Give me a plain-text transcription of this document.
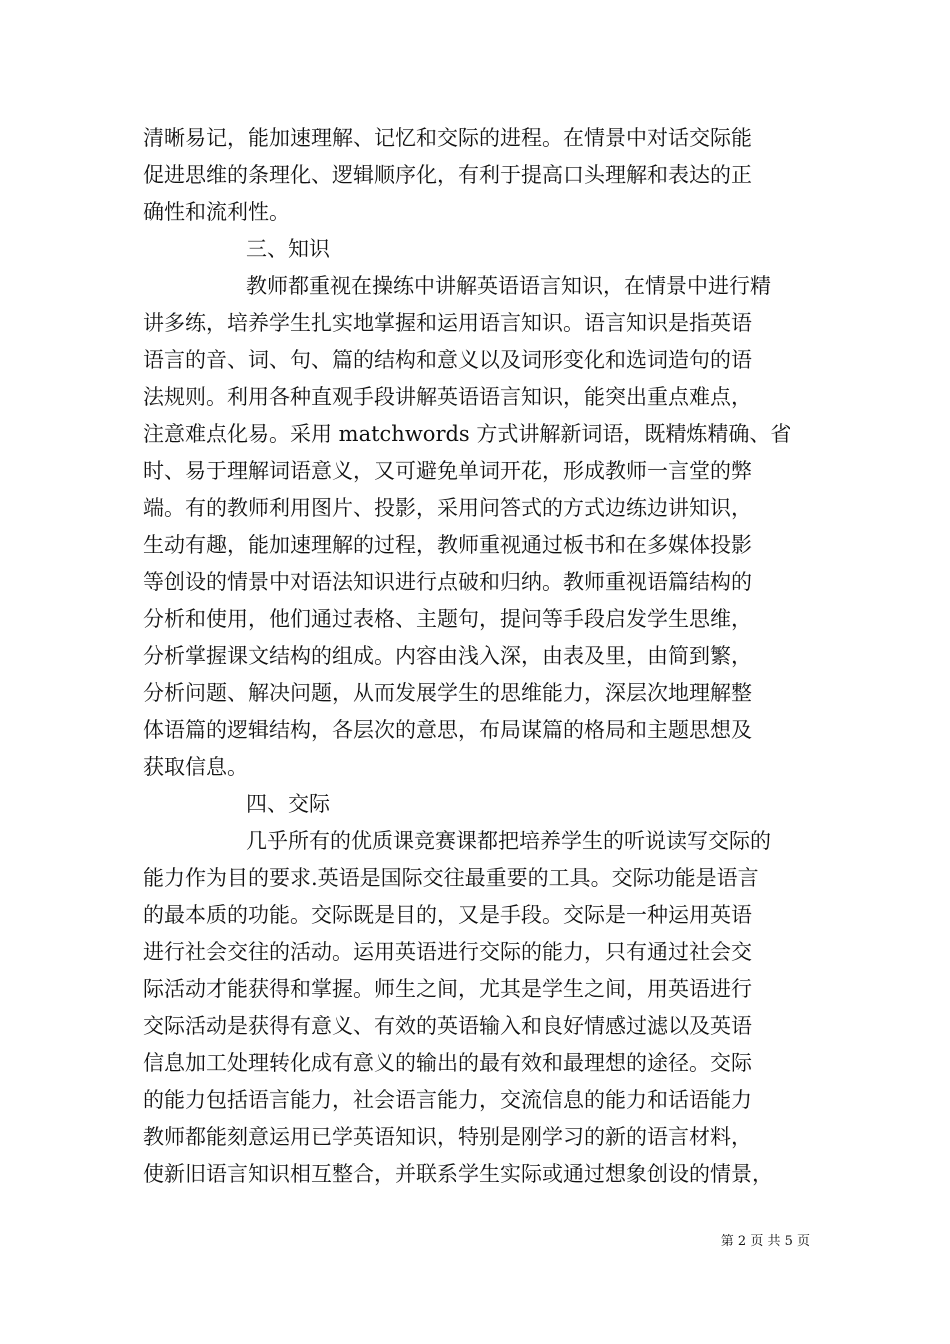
清晰易记，能加速理解、记忆和交际的进程。在情景中对话交际能
促进思维的条理化、逻辑顺序化，有利于提高口头理解和表达的正
确性和流利性。
三、知识
教师都重视在操练中讲解英语语言知识，在情景中进行精
讲多练，培养学生扎实地掌握和运用语言知识。语言知识是指英语
语言的音、词、句、篇的结构和意义以及词形变化和选词造句的语
法规则。利用各种直观手段讲解英语语言知识，能突出重点难点，
注意难点化易。采用 matchwords 方式讲解新词语，既精炼精确、省
时、易于理解词语意义，又可避免单词开花，形成教师一言堂的弊
端。有的教师利用图片、投影，采用问答式的方式边练边讲知识，
生动有趣，能加速理解的过程，教师重视通过板书和在多媒体投影
等创设的情景中对语法知识进行点破和归纳。教师重视语篇结构的
分析和使用，他们通过表格、主题句，提问等手段启发学生思维，
分析掌握课文结构的组成。内容由浅入深，由表及里，由简到繁，
分析问题、解决问题，从而发展学生的思维能力，深层次地理解整
体语篇的逻辑结构，各层次的意思，布局谋篇的格局和主题思想及
获取信息。
四、交际
几乎所有的优质课竞赛课都把培养学生的听说读写交际的
能力作为目的要求.英语是国际交往最重要的工具。交际功能是语言
的最本质的功能。交际既是目的，又是手段。交际是一种运用英语
进行社会交往的活动。运用英语进行交际的能力，只有通过社会交
际活动才能获得和掌握。师生之间，尤其是学生之间，用英语进行
交际活动是获得有意义、有效的英语输入和良好情感过滤以及英语
信息加工处理转化成有意义的输出的最有效和最理想的途径。交际
的能力包括语言能力，社会语言能力，交流信息的能力和话语能力
教师都能刻意运用已学英语知识，特别是刚学习的新的语言材料，
使新旧语言知识相互整合，并联系学生实际或通过想象创设的情景，
第 2 页 共 5 页
